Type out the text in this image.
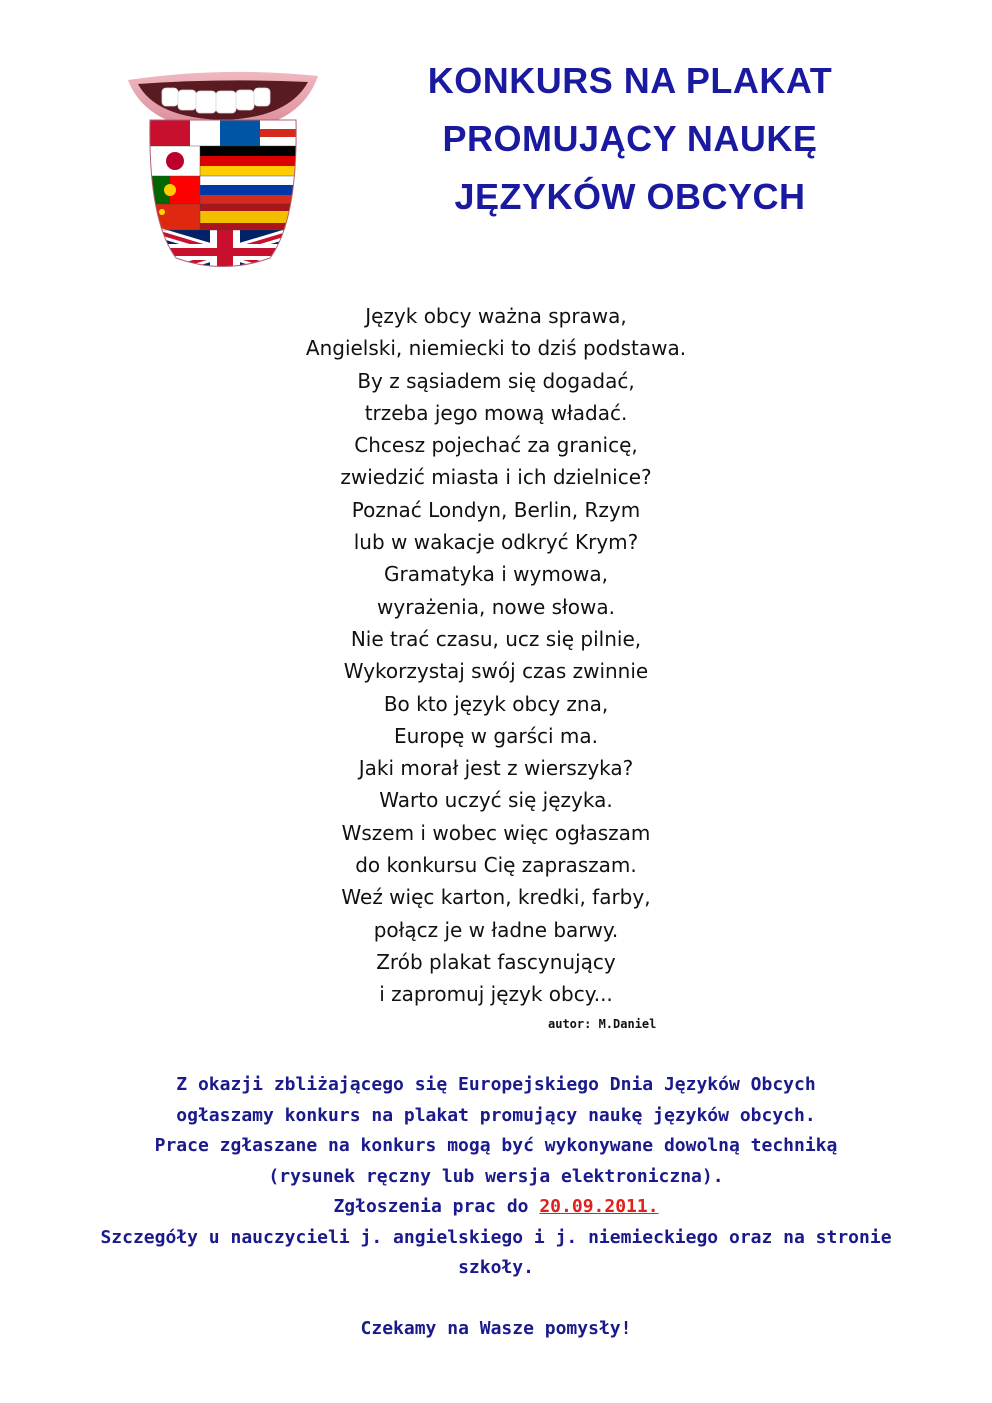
KONKURS NA PLAKAT
PROMUJĄCY NAUKĘ
JĘZYKÓW OBCYCH
Język obcy ważna sprawa,
Angielski, niemiecki to dziś podstawa.
By z sąsiadem się dogadać,
trzeba jego mową władać.
Chcesz pojechać za granicę,
zwiedzić miasta i ich dzielnice?
Poznać Londyn, Berlin, Rzym
lub w wakacje odkryć Krym?
Gramatyka i wymowa,
wyrażenia, nowe słowa.
Nie trać czasu, ucz się pilnie,
Wykorzystaj swój czas zwinnie
Bo kto język obcy zna,
Europę w garści ma.
Jaki morał jest z wierszyka?
Warto uczyć się języka.
Wszem i wobec więc ogłaszam
do konkursu Cię zapraszam.
Weź więc karton, kredki, farby,
połącz je w ładne barwy.
Zrób plakat fascynujący
i zapromuj język obcy...
autor: M.Daniel
Z okazji zbliżającego się Europejskiego Dnia Języków Obcych
ogłaszamy konkurs na plakat promujący naukę języków obcych.
Prace zgłaszane na konkurs mogą być wykonywane dowolną techniką
(rysunek ręczny lub wersja elektroniczna).
Zgłoszenia prac do 20.09.2011.
Szczegóły u nauczycieli j. angielskiego i j. niemieckiego oraz na stronie
szkoły.
Czekamy na Wasze pomysły!
